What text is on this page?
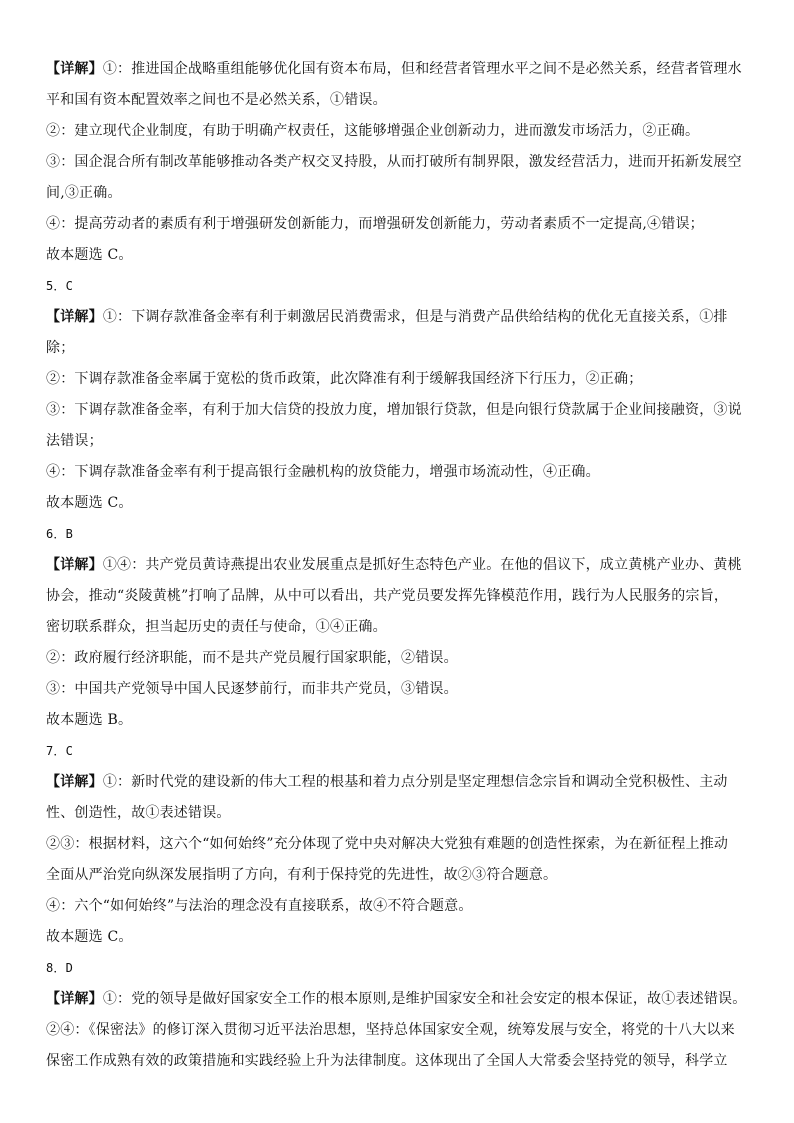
【详解】①：推进国企战略重组能够优化国有资本布局，但和经营者管理水平之间不是必然关系，经营者管理水
平和国有资本配置效率之间也不是必然关系，①错误。
②：建立现代企业制度，有助于明确产权责任，这能够增强企业创新动力，进而激发市场活力，②正确。
③：国企混合所有制改革能够推动各类产权交叉持股，从而打破所有制界限，激发经营活力，进而开拓新发展空
间,③正确。
④：提高劳动者的素质有利于增强研发创新能力，而增强研发创新能力，劳动者素质不一定提高,④错误；
故本题选 C。
5．C
【详解】①：下调存款准备金率有利于刺激居民消费需求，但是与消费产品供给结构的优化无直接关系，①排
除；
②：下调存款准备金率属于宽松的货币政策，此次降准有利于缓解我国经济下行压力，②正确；
③：下调存款准备金率，有利于加大信贷的投放力度，增加银行贷款，但是向银行贷款属于企业间接融资，③说
法错误；
④：下调存款准备金率有利于提高银行金融机构的放贷能力，增强市场流动性，④正确。
故本题选 C。
6．B
【详解】①④：共产党员黄诗燕提出农业发展重点是抓好生态特色产业。在他的倡议下，成立黄桃产业办、黄桃
协会，推动“炎陵黄桃”打响了品牌，从中可以看出，共产党员要发挥先锋模范作用，践行为人民服务的宗旨，
密切联系群众，担当起历史的责任与使命，①④正确。
②：政府履行经济职能，而不是共产党员履行国家职能，②错误。
③：中国共产党领导中国人民逐梦前行，而非共产党员，③错误。
故本题选 B。
7．C
【详解】①：新时代党的建设新的伟大工程的根基和着力点分别是坚定理想信念宗旨和调动全党积极性、主动
性、创造性，故①表述错误。
②③：根据材料，这六个“如何始终”充分体现了党中央对解决大党独有难题的创造性探索，为在新征程上推动
全面从严治党向纵深发展指明了方向，有利于保持党的先进性，故②③符合题意。
④：六个“如何始终”与法治的理念没有直接联系，故④不符合题意。
故本题选 C。
8．D
【详解】①：党的领导是做好国家安全工作的根本原则,是维护国家安全和社会安定的根本保证，故①表述错误。
②④：《保密法》的修订深入贯彻习近平法治思想，坚持总体国家安全观，统筹发展与安全，将党的十八大以来
保密工作成熟有效的政策措施和实践经验上升为法律制度。这体现出了全国人大常委会坚持党的领导，科学立
